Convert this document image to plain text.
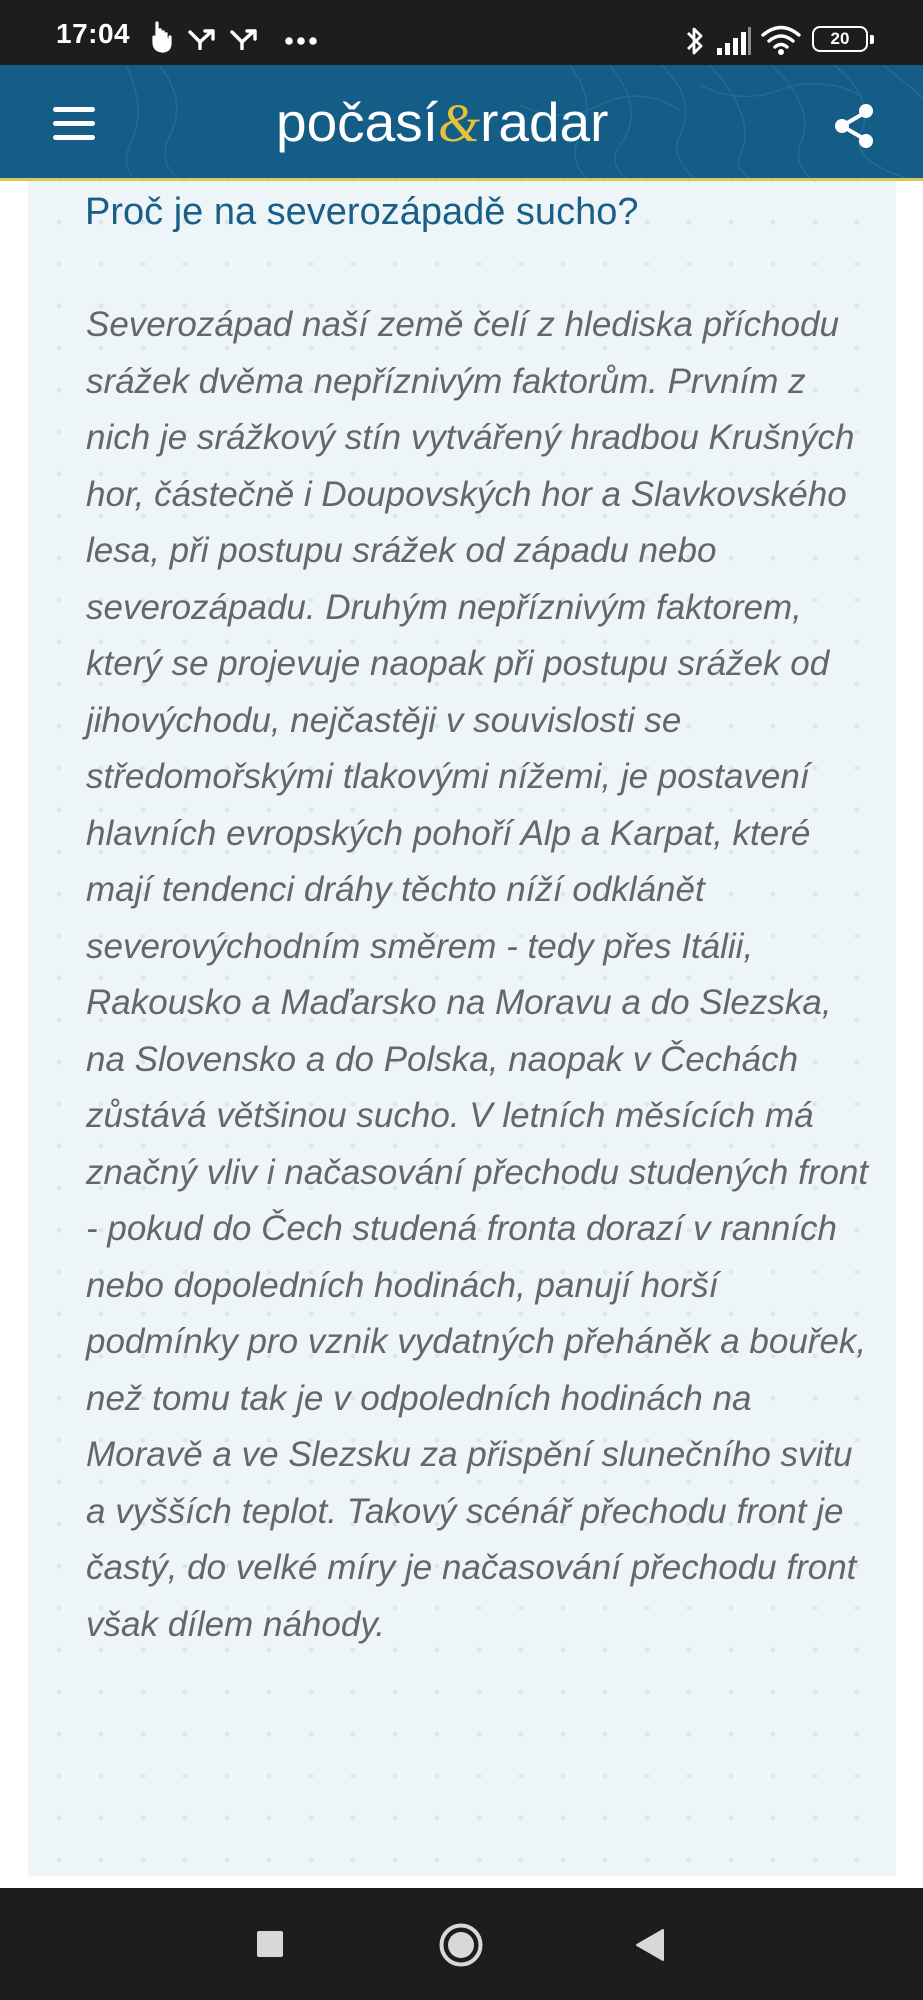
17:04	20
počasí&radar
Proč je na severozápadě sucho?

Severozápad naší země čelí z hlediska příchodu srážek dvěma nepříznivým faktorům. Prvním z nich je srážkový stín vytvářený hradbou Krušných hor, částečně i Doupovských hor a Slavkovského lesa, při postupu srážek od západu nebo severozápadu. Druhým nepříznivým faktorem, který se projevuje naopak při postupu srážek od jihovýchodu, nejčastěji v souvislosti se středomořskými tlakovými nížemi, je postavení hlavních evropských pohoří Alp a Karpat, které mají tendenci dráhy těchto níží odklánět severovýchodním směrem - tedy přes Itálii, Rakousko a Maďarsko na Moravu a do Slezska, na Slovensko a do Polska, naopak v Čechách zůstává většinou sucho. V letních měsících má značný vliv i načasování přechodu studených front - pokud do Čech studená fronta dorazí v ranních nebo dopoledních hodinách, panují horší podmínky pro vznik vydatných přeháněk a bouřek, než tomu tak je v odpoledních hodinách na Moravě a ve Slezsku za přispění slunečního svitu a vyšších teplot. Takový scénář přechodu front je častý, do velké míry je načasování přechodu front však dílem náhody.
